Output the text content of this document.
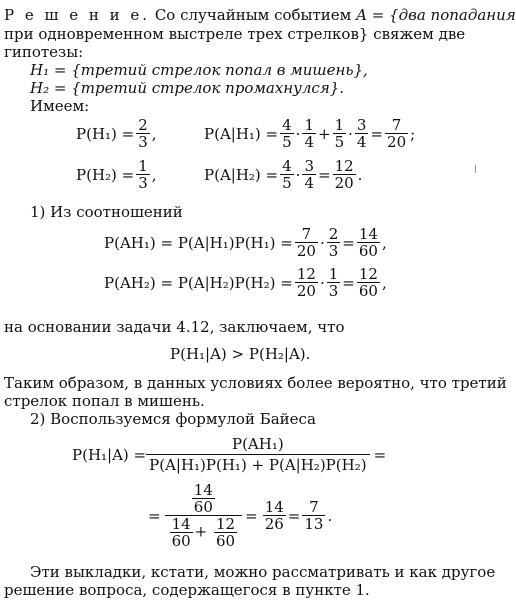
Р е ш е н и е. Со случайным событием A = {два попадания
при одновременном выстреле трех стрелков} свяжем две
гипотезы:
H₁ = {третий стрелок попал в мишень},
H₂ = {третий стрелок промахнулся}.
Имеем:
$P(H_1) = \frac{2}{3}$ ,	$P(A|H_1) = \frac{4}{5} \cdot \frac{1}{4} + \frac{1}{5} \cdot \frac{3}{4} = \frac{7}{20}$ ;
$P(H_2) = \frac{1}{3}$ ,	$P(A|H_2) = \frac{4}{5} \cdot \frac{3}{4} = \frac{12}{20}$ .
1) Из соотношений
$P(AH_1) = P(A|H_1)P(H_1) = \frac{7}{20} \cdot \frac{2}{3} = \frac{14}{60}$ ,
$P(AH_2) = P(A|H_2)P(H_2) = \frac{12}{20} \cdot \frac{1}{3} = \frac{12}{60}$ ,
на основании задачи 4.12, заключаем, что
P(H₁|A) > P(H₂|A).
Таким образом, в данных условиях более вероятно, что третий
стрелок попал в мишень.
2) Воспользуемся формулой Байеса
$P(H_1|A) = \frac{\text{P(AH₁)}}{\text{P(A|H₁)P(H₁) + P(A|H₂)P(H₂)}}$ =
= $\frac{\frac{14}{60}}{\frac{14}{60} + \frac{12}{60}} = \frac{14}{26} = \frac{7}{13}$ .
Эти выкладки, кстати, можно рассматривать и как другое
решение вопроса, содержащегося в пункте 1.
